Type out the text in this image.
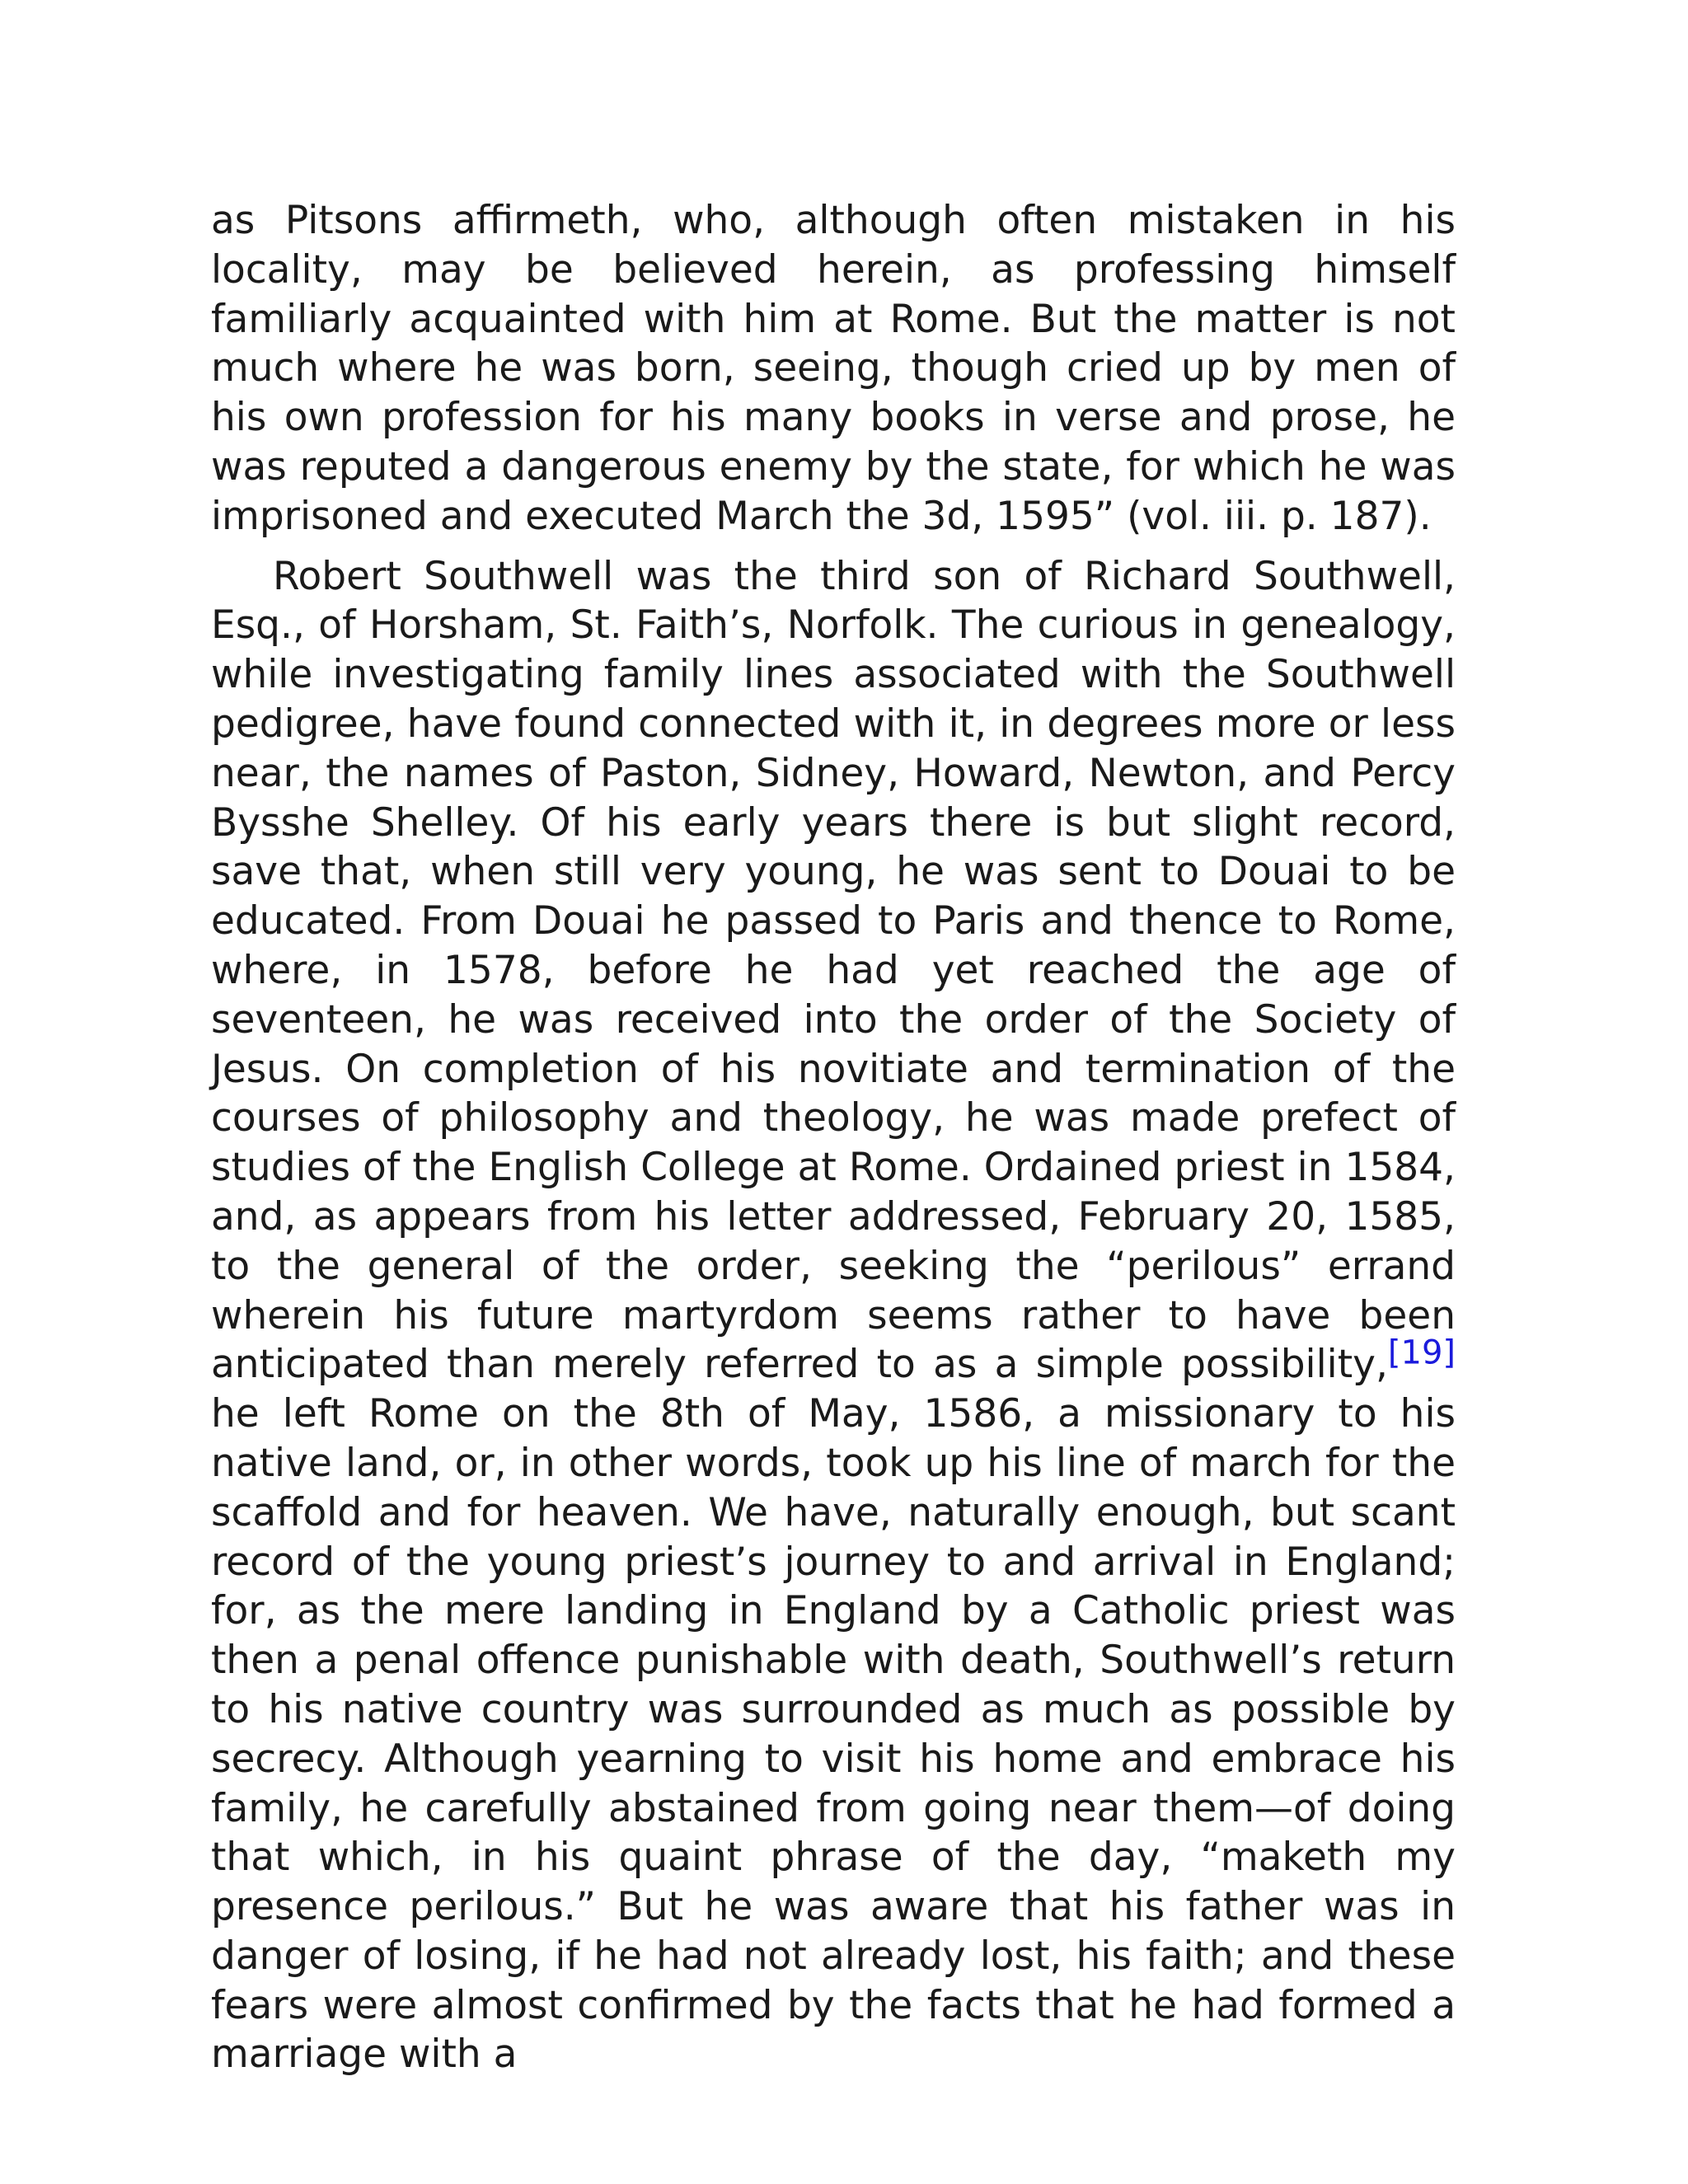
as Pitsons affirmeth, who, although often mistaken in his locality, may be believed herein, as professing himself familiarly acquainted with him at Rome. But the matter is not much where he was born, seeing, though cried up by men of his own profession for his many books in verse and prose, he was reputed a dangerous enemy by the state, for which he was imprisoned and executed March the 3d, 1595” (vol. iii. p. 187).

Robert Southwell was the third son of Richard Southwell, Esq., of Horsham, St. Faith’s, Norfolk. The curious in genealogy, while investigating family lines associated with the Southwell pedigree, have found connected with it, in degrees more or less near, the names of Paston, Sidney, Howard, Newton, and Percy Bysshe Shelley. Of his early years there is but slight record, save that, when still very young, he was sent to Douai to be educated. From Douai he passed to Paris and thence to Rome, where, in 1578, before he had yet reached the age of seventeen, he was received into the order of the Society of Jesus. On completion of his novitiate and termination of the courses of philosophy and theology, he was made prefect of studies of the English College at Rome. Ordained priest in 1584, and, as appears from his letter addressed, February 20, 1585, to the general of the order, seeking the “perilous” errand wherein his future martyrdom seems rather to have been anticipated than merely referred to as a simple possibility,[19] he left Rome on the 8th of May, 1586, a missionary to his native land, or, in other words, took up his line of march for the scaffold and for heaven. We have, naturally enough, but scant record of the young priest’s journey to and arrival in England; for, as the mere landing in England by a Catholic priest was then a penal offence punishable with death, Southwell’s return to his native country was surrounded as much as possible by secrecy. Although yearning to visit his home and embrace his family, he carefully abstained from going near them—of doing that which, in his quaint phrase of the day, “maketh my presence perilous.” But he was aware that his father was in danger of losing, if he had not already lost, his faith; and these fears were almost confirmed by the facts that he had formed a marriage with a
